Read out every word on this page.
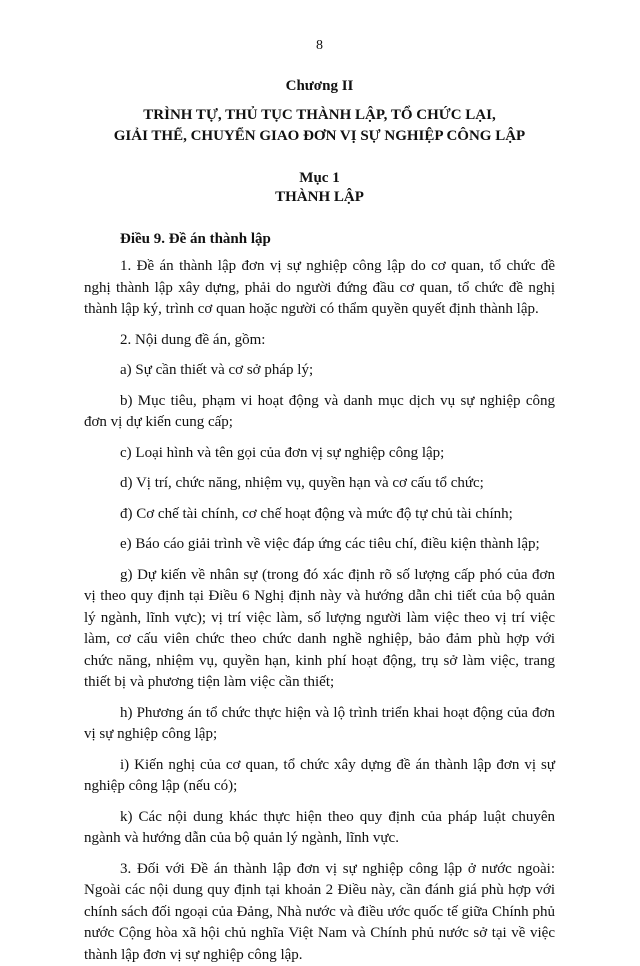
8
Chương II
TRÌNH TỰ, THỦ TỤC THÀNH LẬP, TỔ CHỨC LẠI,
GIẢI THỂ, CHUYỂN GIAO ĐƠN VỊ SỰ NGHIỆP CÔNG LẬP
Mục 1
THÀNH LẬP
Điều 9. Đề án thành lập

1. Đề án thành lập đơn vị sự nghiệp công lập do cơ quan, tổ chức đề nghị thành lập xây dựng, phải do người đứng đầu cơ quan, tổ chức đề nghị thành lập ký, trình cơ quan hoặc người có thẩm quyền quyết định thành lập.

2. Nội dung đề án, gồm:

a) Sự cần thiết và cơ sở pháp lý;

b) Mục tiêu, phạm vi hoạt động và danh mục dịch vụ sự nghiệp công đơn vị dự kiến cung cấp;

c) Loại hình và tên gọi của đơn vị sự nghiệp công lập;

d) Vị trí, chức năng, nhiệm vụ, quyền hạn và cơ cấu tổ chức;

đ) Cơ chế tài chính, cơ chế hoạt động và mức độ tự chủ tài chính;

e) Báo cáo giải trình về việc đáp ứng các tiêu chí, điều kiện thành lập;

g) Dự kiến về nhân sự (trong đó xác định rõ số lượng cấp phó của đơn vị theo quy định tại Điều 6 Nghị định này và hướng dẫn chi tiết của bộ quản lý ngành, lĩnh vực); vị trí việc làm, số lượng người làm việc theo vị trí việc làm, cơ cấu viên chức theo chức danh nghề nghiệp, bảo đảm phù hợp với chức năng, nhiệm vụ, quyền hạn, kinh phí hoạt động, trụ sở làm việc, trang thiết bị và phương tiện làm việc cần thiết;

h) Phương án tổ chức thực hiện và lộ trình triển khai hoạt động của đơn vị sự nghiệp công lập;

i) Kiến nghị của cơ quan, tổ chức xây dựng đề án thành lập đơn vị sự nghiệp công lập (nếu có);

k) Các nội dung khác thực hiện theo quy định của pháp luật chuyên ngành và hướng dẫn của bộ quản lý ngành, lĩnh vực.

3. Đối với Đề án thành lập đơn vị sự nghiệp công lập ở nước ngoài: Ngoài các nội dung quy định tại khoản 2 Điều này, cần đánh giá phù hợp với chính sách đối ngoại của Đảng, Nhà nước và điều ước quốc tế giữa Chính phủ nước Cộng hòa xã hội chủ nghĩa Việt Nam và Chính phủ nước sở tại về việc thành lập đơn vị sự nghiệp công lập.
